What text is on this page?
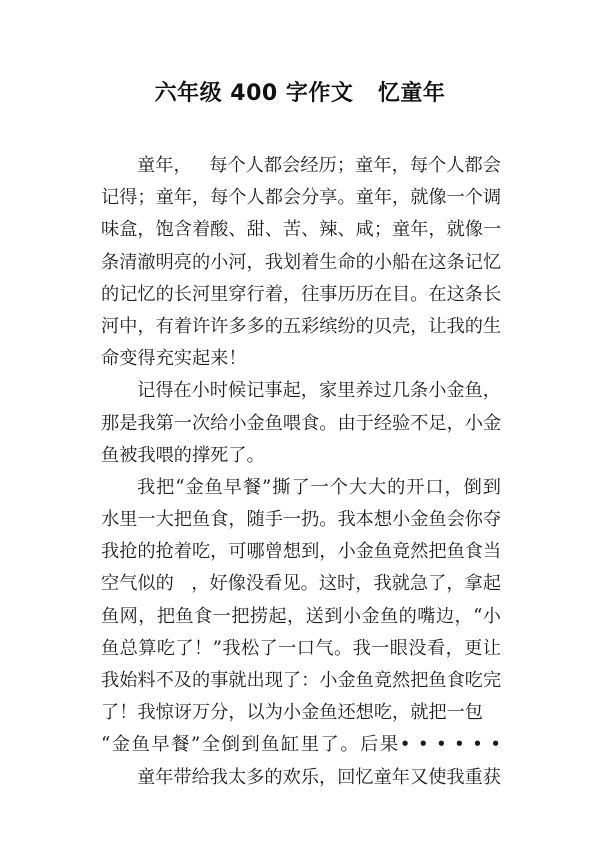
六年级 400 字作文   忆童年
童年，   每个人都会经历；童年，每个人都会
记得；童年，每个人都会分享。童年，就像一个调
味盒，饱含着酸、甜、苦、辣、咸；童年，就像一
条清澈明亮的小河，我划着生命的小船在这条记忆
的记忆的长河里穿行着，往事历历在目。在这条长
河中，有着许许多多的五彩缤纷的贝壳，让我的生
命变得充实起来！
记得在小时候记事起，家里养过几条小金鱼，
那是我第一次给小金鱼喂食。由于经验不足，小金
鱼被我喂的撑死了。
我把“金鱼早餐”撕了一个大大的开口，倒到
水里一大把鱼食，随手一扔。我本想小金鱼会你夺
我抢的抢着吃，可哪曾想到，小金鱼竟然把鱼食当
空气似的   ，好像没看见。这时，我就急了，拿起
鱼网，把鱼食一把捞起，送到小金鱼的嘴边，“小
鱼总算吃了！”我松了一口气。我一眼没看，更让
我始料不及的事就出现了：小金鱼竟然把鱼食吃完
了！我惊讶万分，以为小金鱼还想吃，就把一包
“金鱼早餐”全倒到鱼缸里了。后果• • • • • •
童年带给我太多的欢乐，回忆童年又使我重获
